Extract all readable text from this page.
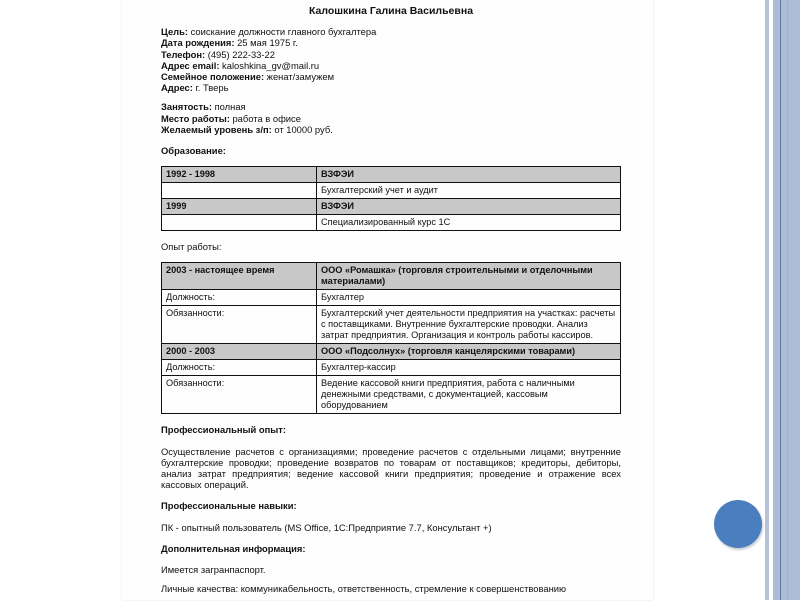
Калошкина Галина Васильевна
Цель: соискание должности главного бухгалтера
Дата рождения: 25 мая 1975 г.
Телефон: (495) 222-33-22
Адрес email: kaloshkina_gv@mail.ru
Семейное положение: женат/замужем
Адрес: г. Тверь
Занятость: полная
Место работы: работа в офисе
Желаемый уровень з/п: от 10000 руб.
Образование:
1992 - 1998	ВЗФЭИ
	Бухгалтерский учет и аудит
1999	ВЗФЭИ
	Специализированный курс 1С
Опыт работы:
2003 - настоящее время	ООО «Ромашка» (торговля строительными и отделочными материалами)
Должность:	Бухгалтер
Обязанности:	Бухгалтерский учет деятельности предприятия на участках: расчеты с поставщиками. Внутренние бухгалтерские проводки. Анализ затрат предприятия. Организация и контроль работы кассиров.
2000 - 2003	ООО «Подсолнух» (торговля канцелярскими товарами)
Должность:	Бухгалтер-кассир
Обязанности:	Ведение кассовой книги предприятия, работа с наличными денежными средствами, с документацией, кассовым оборудованием
Профессиональный опыт:

Осуществление расчетов с организациями; проведение расчетов с отдельными лицами; внутренние бухгалтерские проводки; проведение возвратов по товарам от поставщиков; кредиторы, дебиторы, анализ затрат предприятия; ведение кассовой книги предприятия; проведение и отражение всех кассовых операций.

Профессиональные навыки:

ПК - опытный пользователь (MS Office, 1С:Предприятие 7.7, Консультант +)

Дополнительная информация:

Имеется загранпаспорт.

Личные качества: коммуникабельность, ответственность, стремление к совершенствованию
